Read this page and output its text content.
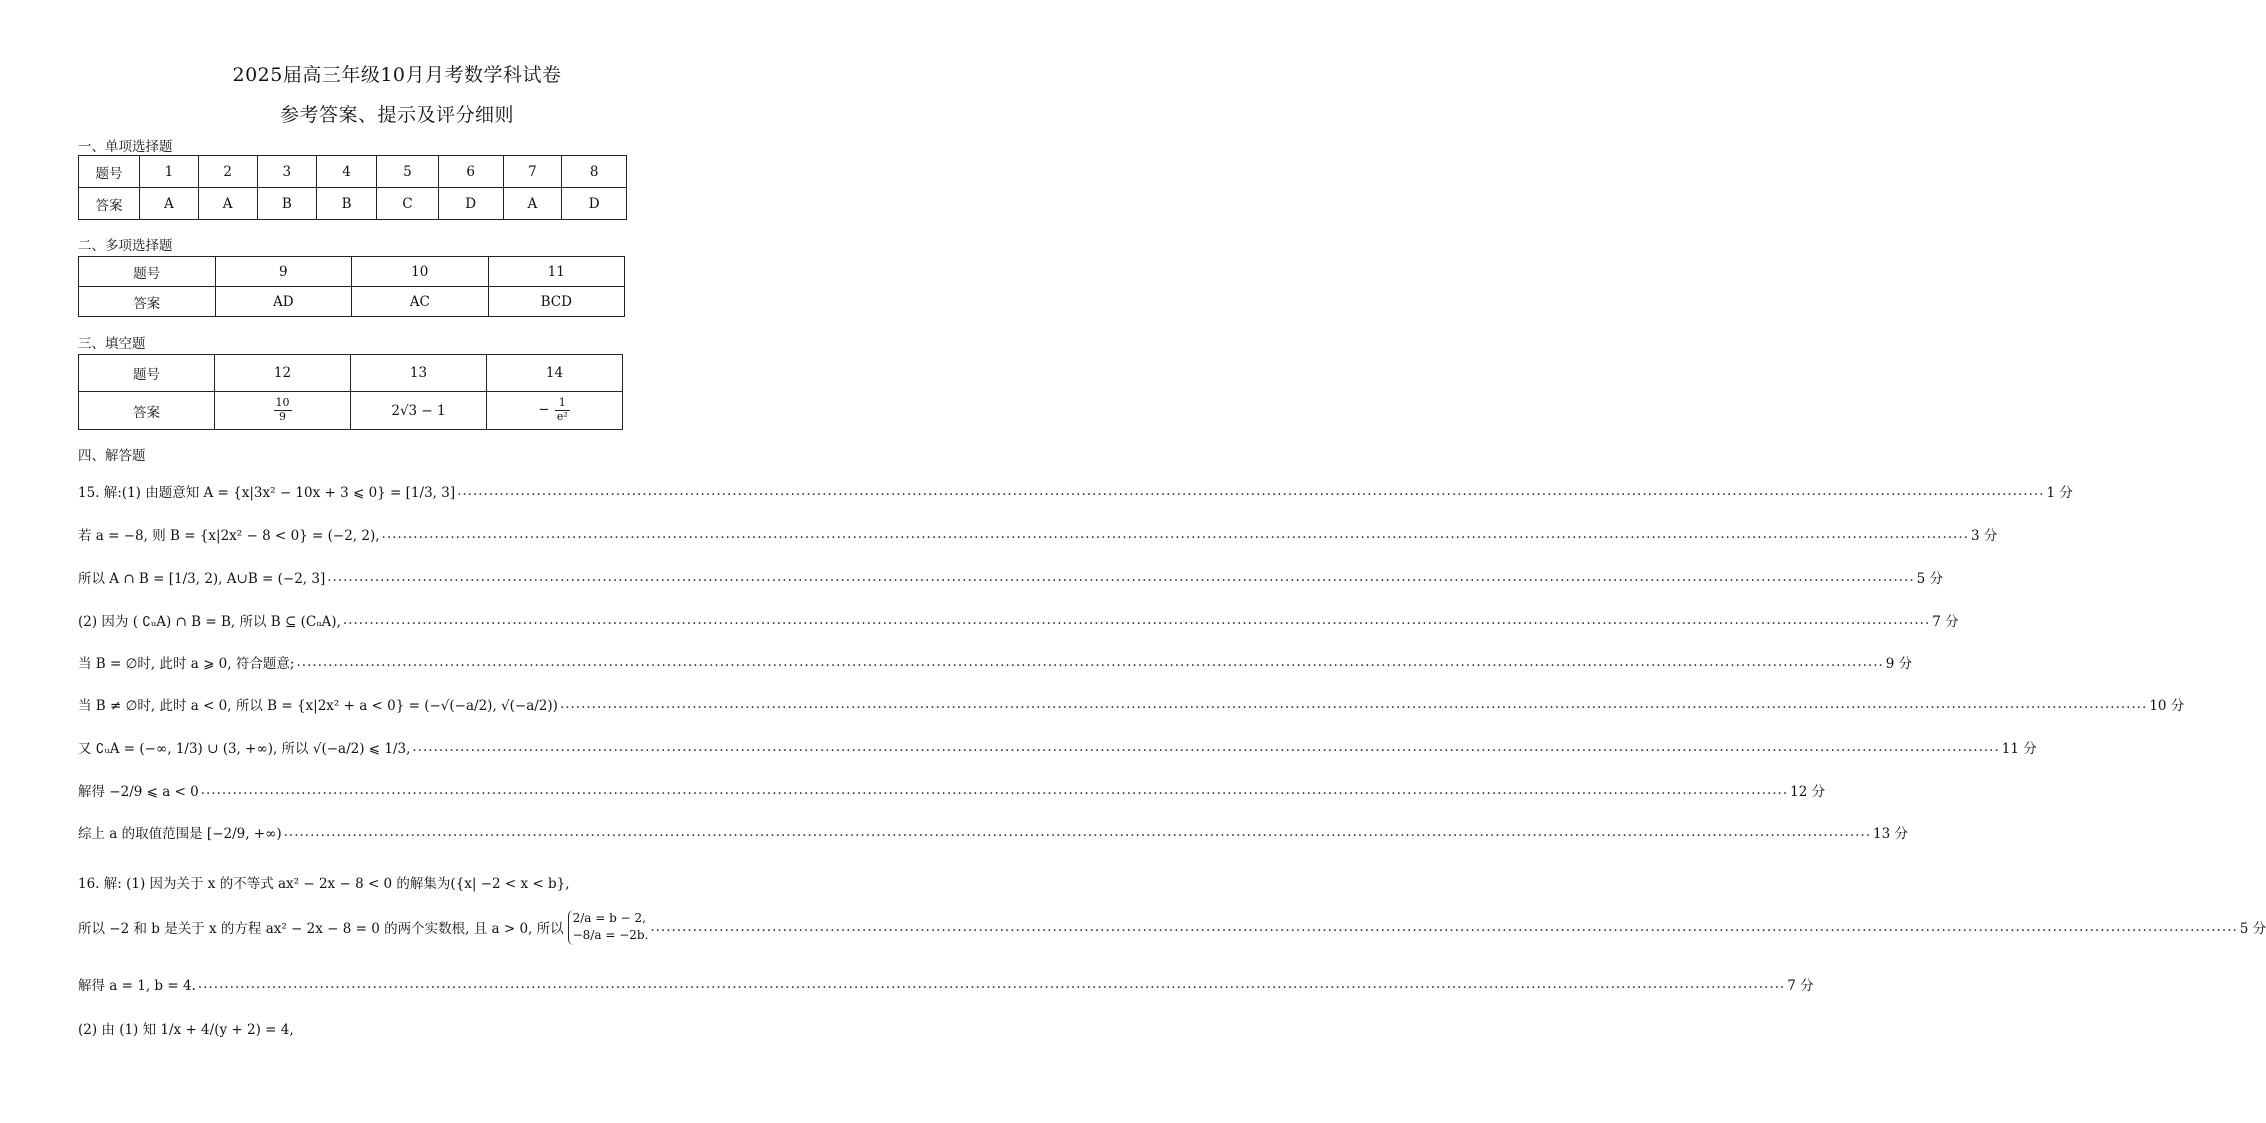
2025届高三年级10月月考数学科试卷
参考答案、提示及评分细则
一、单项选择题
题号	1	2	3	4	5	6	7	8
答案	A	A	B	B	C	D	A	D
二、多项选择题
题号	9	10	11
答案	AD	AC	BCD
三、填空题
题号	12	13	14
答案	$\frac{10}{9}$	2√3 − 1	− $\frac{1}{\text{e²}}$
四、解答题
15. 解:(1) 由题意知 A = {x|3x² − 10x + 3 ⩽ 0} = [1/3, 3] ............................................................................................................................................................................................................................................................................................................ 1 分
若 a = −8, 则 B = {x|2x² − 8 < 0} = (−2, 2), ............................................................................................................................................................................................................................................................................................................ 3 分
所以 A ∩ B = [1/3, 2), A∪B = (−2, 3] ............................................................................................................................................................................................................................................................................................................ 5 分
(2) 因为 ( ∁ᵤA) ∩ B = B, 所以 B ⊆ (CᵤA), ............................................................................................................................................................................................................................................................................................................ 7 分
当 B = ∅时, 此时 a ⩾ 0, 符合题意; ............................................................................................................................................................................................................................................................................................................ 9 分
当 B ≠ ∅时, 此时 a < 0, 所以 B = {x|2x² + a < 0} = (−√(−a/2), √(−a/2)) ............................................................................................................................................................................................................................................................................................................ 10 分
又 ∁ᵤA = (−∞, 1/3) ∪ (3, +∞), 所以 √(−a/2) ⩽ 1/3, ............................................................................................................................................................................................................................................................................................................ 11 分
解得 −2/9 ⩽ a < 0 ............................................................................................................................................................................................................................................................................................................ 12 分
综上 a 的取值范围是 [−2/9, +∞) ............................................................................................................................................................................................................................................................................................................ 13 分
16. 解: (1) 因为关于 x 的不等式 ax² − 2x − 8 < 0 的解集为({x| −2 < x < b},
所以 −2 和 b 是关于 x 的方程 ax² − 2x − 8 = 0 的两个实数根, 且 a > 0, 所以
2/a = b − 2,
−8/a = −2b. ............................................................................................................................................................................................................................................................................................................ 5 分
解得 a = 1, b = 4. ............................................................................................................................................................................................................................................................................................................ 7 分
(2) 由 (1) 知 1/x + 4/(y + 2) = 4,
